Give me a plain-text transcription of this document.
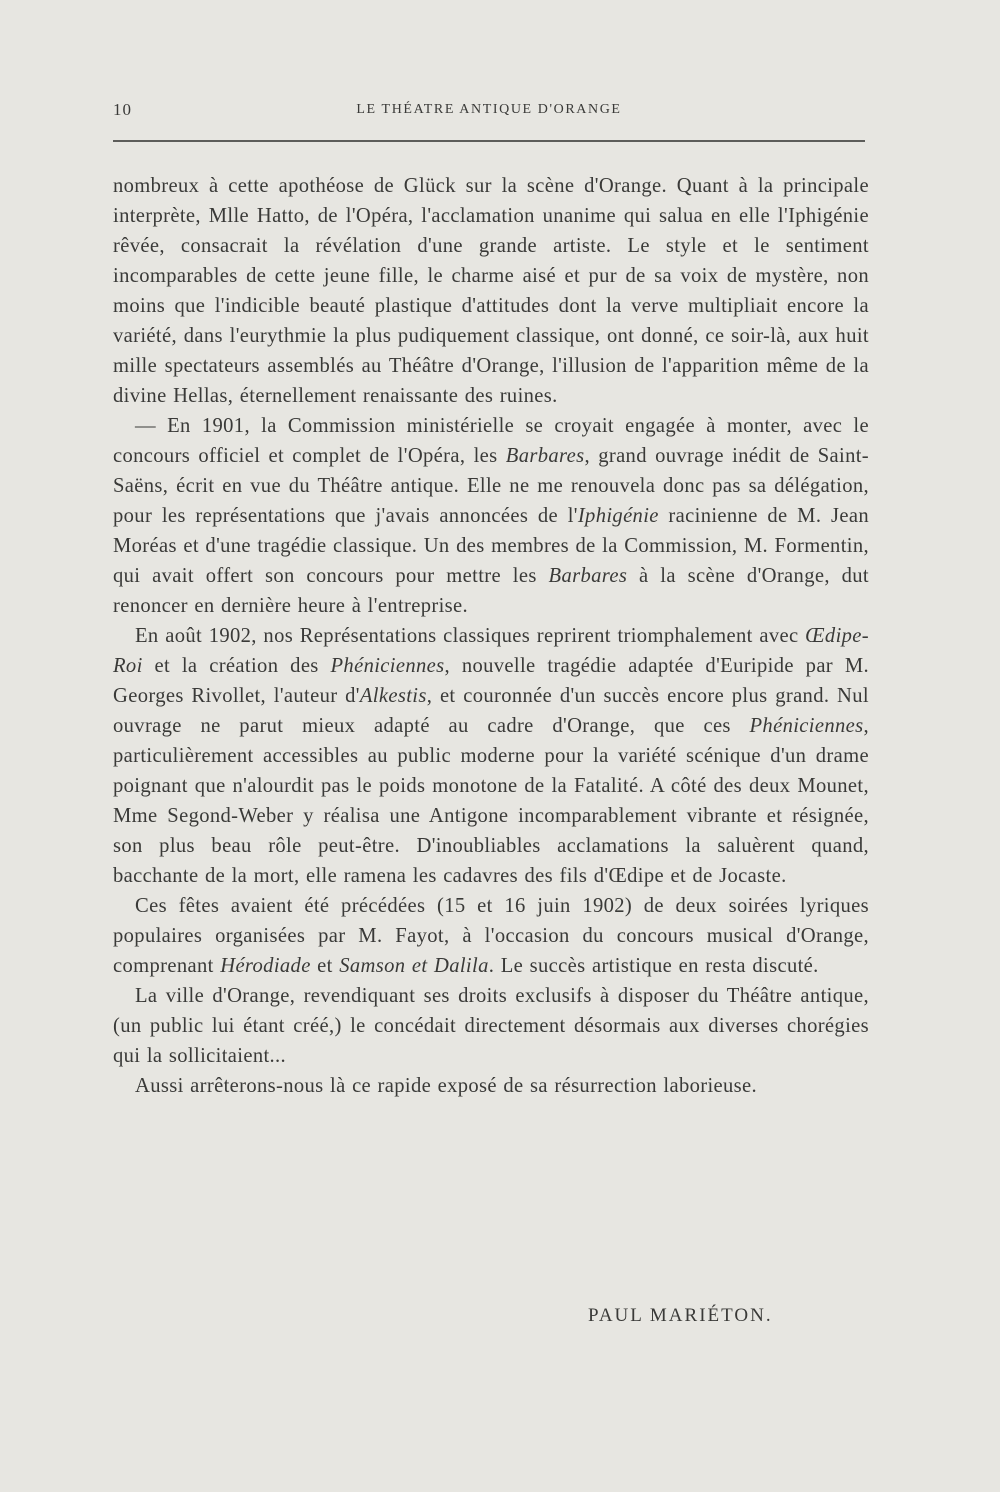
10	LE THÉATRE ANTIQUE D'ORANGE

nombreux à cette apothéose de Glück sur la scène d'Orange. Quant à la principale interprète, Mlle Hatto, de l'Opéra, l'acclamation unanime qui salua en elle l'Iphigénie rêvée, consacrait la révélation d'une grande artiste. Le style et le sentiment incomparables de cette jeune fille, le charme aisé et pur de sa voix de mystère, non moins que l'indicible beauté plastique d'attitudes dont la verve multipliait encore la variété, dans l'eurythmie la plus pudiquement classique, ont donné, ce soir-là, aux huit mille spectateurs assemblés au Théâtre d'Orange, l'illusion de l'apparition même de la divine Hellas, éternellement renaissante des ruines.

— En 1901, la Commission ministérielle se croyait engagée à monter, avec le concours officiel et complet de l'Opéra, les Barbares, grand ouvrage inédit de Saint-Saëns, écrit en vue du Théâtre antique. Elle ne me renouvela donc pas sa délégation, pour les représentations que j'avais annoncées de l'Iphigénie racinienne de M. Jean Moréas et d'une tragédie classique. Un des membres de la Commission, M. Formentin, qui avait offert son concours pour mettre les Barbares à la scène d'Orange, dut renoncer en dernière heure à l'entreprise.

En août 1902, nos Représentations classiques reprirent triomphalement avec Œdipe-Roi et la création des Phéniciennes, nouvelle tragédie adaptée d'Euripide par M. Georges Rivollet, l'auteur d'Alkestis, et couronnée d'un succès encore plus grand. Nul ouvrage ne parut mieux adapté au cadre d'Orange, que ces Phéniciennes, particulièrement accessibles au public moderne pour la variété scénique d'un drame poignant que n'alourdit pas le poids monotone de la Fatalité. A côté des deux Mounet, Mme Segond-Weber y réalisa une Antigone incomparablement vibrante et résignée, son plus beau rôle peut-être. D'inoubliables acclamations la saluèrent quand, bacchante de la mort, elle ramena les cadavres des fils d'Œdipe et de Jocaste.

Ces fêtes avaient été précédées (15 et 16 juin 1902) de deux soirées lyriques populaires organisées par M. Fayot, à l'occasion du concours musical d'Orange, comprenant Hérodiade et Samson et Dalila. Le succès artistique en resta discuté.

La ville d'Orange, revendiquant ses droits exclusifs à disposer du Théâtre antique, (un public lui étant créé,) le concédait directement désormais aux diverses chorégies qui la sollicitaient...

Aussi arrêterons-nous là ce rapide exposé de sa résurrection laborieuse.

PAUL MARIÉTON.
